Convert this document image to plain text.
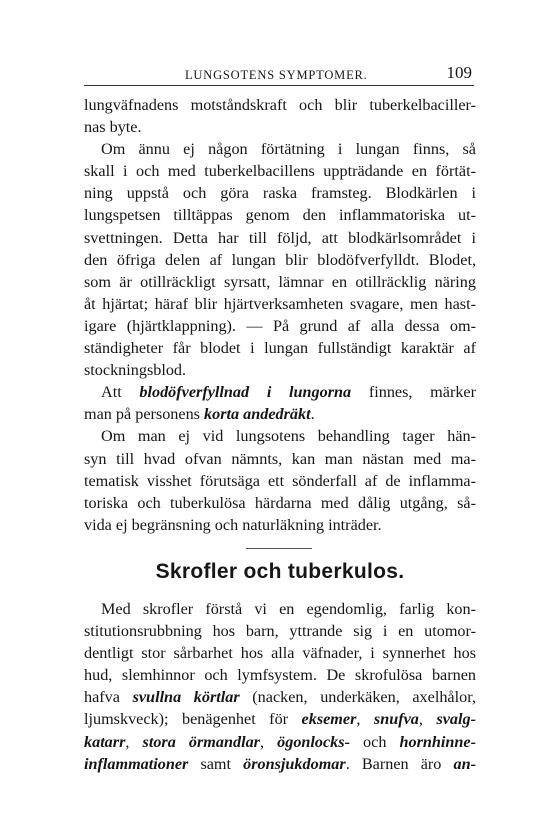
LUNGSOTENS SYMPTOMER.	109
lungväfnadens motståndskraft och blir tuberkelbaciller-
nas byte.
Om ännu ej någon förtätning i lungan finns, så
skall i och med tuberkelbacillens uppträdande en förtät-
ning uppstå och göra raska framsteg. Blodkärlen i
lungspetsen tilltäppas genom den inflammatoriska ut-
svettningen. Detta har till följd, att blodkärlsområdet i
den öfriga delen af lungan blir blodöfverfylldt. Blodet,
som är otillräckligt syrsatt, lämnar en otillräcklig näring
åt hjärtat; häraf blir hjärtverksamheten svagare, men hast-
igare (hjärtklappning). — På grund af alla dessa om-
ständigheter får blodet i lungan fullständigt karaktär af
stockningsblod.
Att blodöfverfyllnad i lungorna finnes, märker
man på personens korta andedräkt.
Om man ej vid lungsotens behandling tager hän-
syn till hvad ofvan nämnts, kan man nästan med ma-
tematisk visshet förutsäga ett sönderfall af de inflamma-
toriska och tuberkulösa härdarna med dålig utgång, så-
vida ej begränsning och naturläkning inträder.
Skrofler och tuberkulos.
Med skrofler förstå vi en egendomlig, farlig kon-
stitutionsrubbning hos barn, yttrande sig i en utomor-
dentligt stor sårbarhet hos alla väfnader, i synnerhet hos
hud, slemhinnor och lymfsystem. De skrofulösa barnen
hafva svullna körtlar (nacken, underkäken, axelhålor,
ljumskveck); benägenhet för eksemer, snufva, svalg-
katarr, stora örmandlar, ögonlocks- och hornhinne-
inflammationer samt öronsjukdomar. Barnen äro an-
